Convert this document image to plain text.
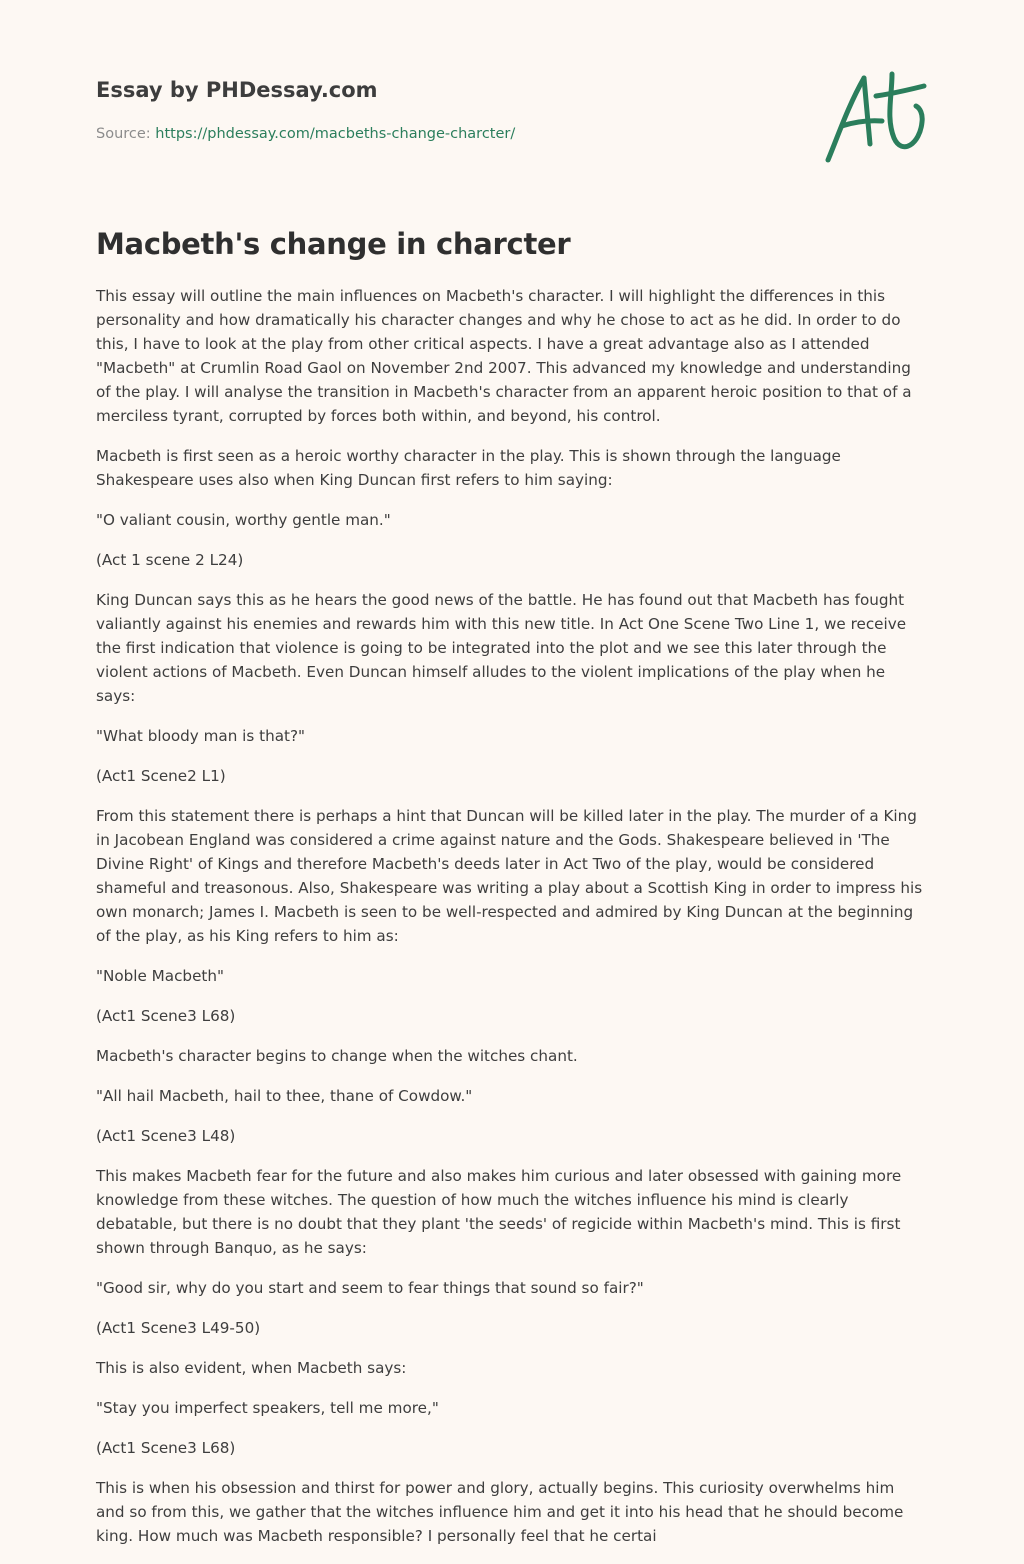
Essay by PHDessay.com
Source: https://phdessay.com/macbeths-change-charcter/
Macbeth's change in charcter

This essay will outline the main influences on Macbeth's character. I will highlight the differences in this personality and how dramatically his character changes and why he chose to act as he did. In order to do this, I have to look at the play from other critical aspects. I have a great advantage also as I attended "Macbeth" at Crumlin Road Gaol on November 2nd 2007. This advanced my knowledge and understanding of the play. I will analyse the transition in Macbeth's character from an apparent heroic position to that of a merciless tyrant, corrupted by forces both within, and beyond, his control.

Macbeth is first seen as a heroic worthy character in the play. This is shown through the language Shakespeare uses also when King Duncan first refers to him saying:

"O valiant cousin, worthy gentle man."

(Act 1 scene 2 L24)

King Duncan says this as he hears the good news of the battle. He has found out that Macbeth has fought valiantly against his enemies and rewards him with this new title. In Act One Scene Two Line 1, we receive the first indication that violence is going to be integrated into the plot and we see this later through the violent actions of Macbeth. Even Duncan himself alludes to the violent implications of the play when he says:

"What bloody man is that?"

(Act1 Scene2 L1)

From this statement there is perhaps a hint that Duncan will be killed later in the play. The murder of a King in Jacobean England was considered a crime against nature and the Gods. Shakespeare believed in 'The Divine Right' of Kings and therefore Macbeth's deeds later in Act Two of the play, would be considered shameful and treasonous. Also, Shakespeare was writing a play about a Scottish King in order to impress his own monarch; James I. Macbeth is seen to be well-respected and admired by King Duncan at the beginning of the play, as his King refers to him as:

"Noble Macbeth"

(Act1 Scene3 L68)

Macbeth's character begins to change when the witches chant.

"All hail Macbeth, hail to thee, thane of Cowdow."

(Act1 Scene3 L48)

This makes Macbeth fear for the future and also makes him curious and later obsessed with gaining more knowledge from these witches. The question of how much the witches influence his mind is clearly debatable, but there is no doubt that they plant 'the seeds' of regicide within Macbeth's mind. This is first shown through Banquo, as he says:

"Good sir, why do you start and seem to fear things that sound so fair?"

(Act1 Scene3 L49-50)

This is also evident, when Macbeth says:

"Stay you imperfect speakers, tell me more,"

(Act1 Scene3 L68)

This is when his obsession and thirst for power and glory, actually begins. This curiosity overwhelms him and so from this, we gather that the witches influence him and get it into his head that he should become king. How much was Macbeth responsible? I personally feel that he certai
